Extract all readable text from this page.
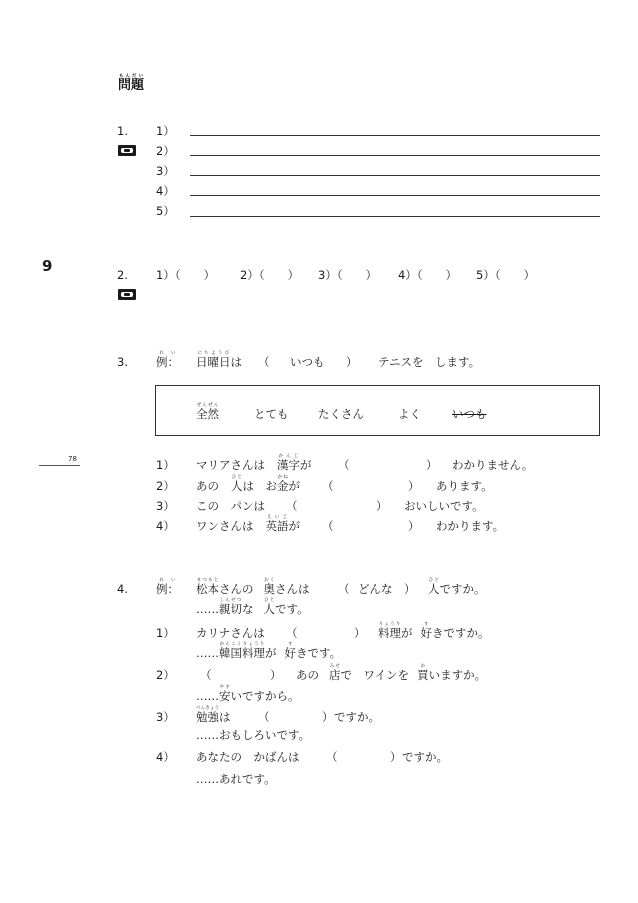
問題もんだい
9
78
1. 1）
2）
3）
4）
5）
2. 1）（　　） 2）（　　） 3）（　　） 4）（　　） 5）（　　）
3. 例：れい
日曜日にちようびは （ いつも ） テニスを　します。
全然ぜんぜん
とても	たくさん	よく	いつも
1） マリアさんは 漢字かんじが （	） わかりません。
2） あの 人ひとは　お金かねが （	） あります。
3） この　パンは （	） おいしいです。
4） ワンさんは 英語えいごが （	） わかります。
4. 例：れい
松本まつもとさんの 奥おくさんは （ どんな ） 人ひとですか。
……親切しんせつな 人ひとです。
1） カリナさんは （	） 料理りょうりが 好すきですか。
……韓国料理かんこくりょうりが 好すきです。
2） （	） あの 店みせで　ワインを 買かいますか。
……安やすいですから。
3） 勉強べんきょうは （	） ですか。
……おもしろいです。
4） あなたの　かばんは （	） ですか。
……あれです。
